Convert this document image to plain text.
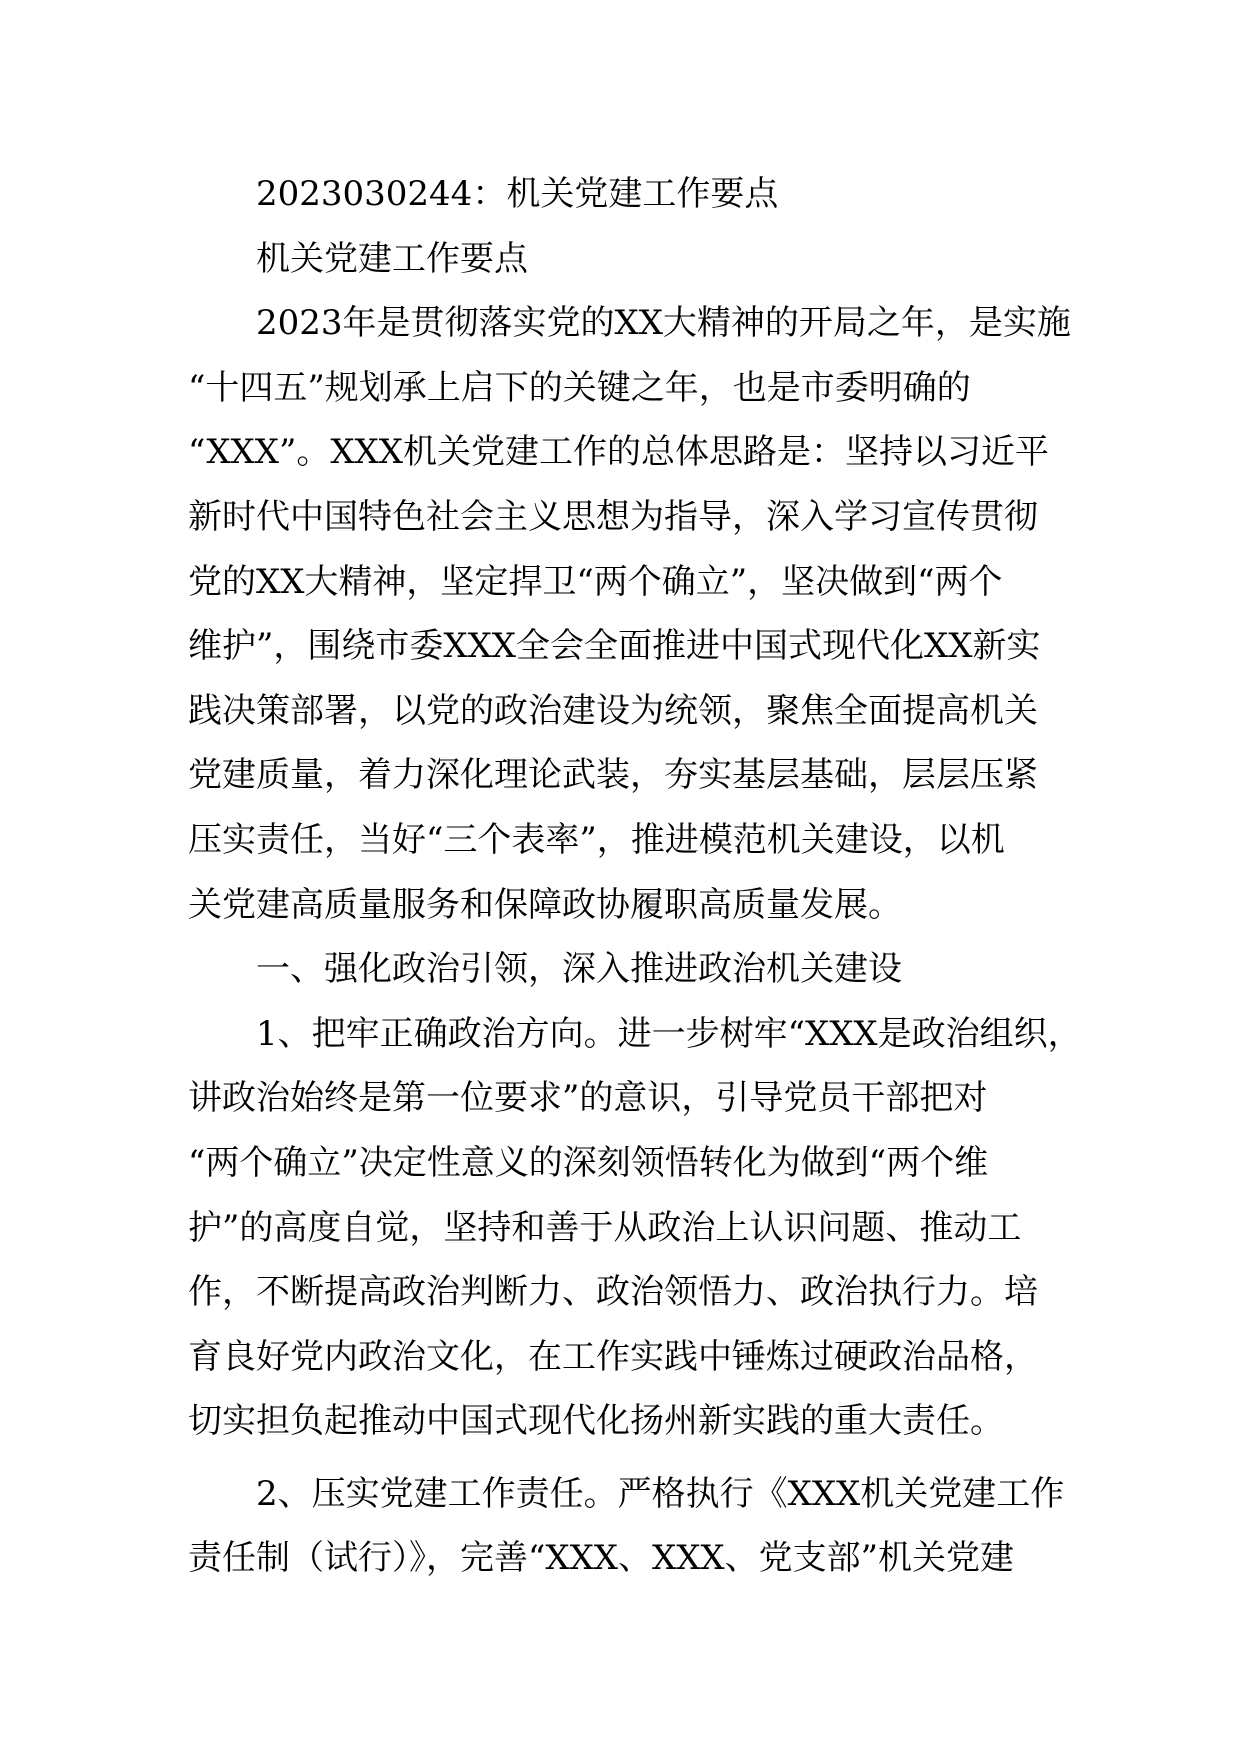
2023030244：机关党建工作要点

机关党建工作要点

　　2023年是贯彻落实党的XX大精神的开局之年，是实施

“十四五”规划承上启下的关键之年，也是市委明确的

“XXX”。XXX机关党建工作的总体思路是：坚持以习近平

新时代中国特色社会主义思想为指导，深入学习宣传贯彻

党的XX大精神，坚定捍卫“两个确立”，坚决做到“两个

维护”，围绕市委XXX全会全面推进中国式现代化XX新实

践决策部署，以党的政治建设为统领，聚焦全面提高机关

党建质量，着力深化理论武装，夯实基层基础，层层压紧

压实责任，当好“三个表率”，推进模范机关建设，以机

关党建高质量服务和保障政协履职高质量发展。

一、强化政治引领，深入推进政治机关建设

　　1、把牢正确政治方向。进一步树牢“XXX是政治组织，

讲政治始终是第一位要求”的意识，引导党员干部把对

“两个确立”决定性意义的深刻领悟转化为做到“两个维

护”的高度自觉，坚持和善于从政治上认识问题、推动工

作，不断提高政治判断力、政治领悟力、政治执行力。培

育良好党内政治文化，在工作实践中锤炼过硬政治品格，

切实担负起推动中国式现代化扬州新实践的重大责任。

　　2、压实党建工作责任。严格执行《XXX机关党建工作

责任制（试行）》，完善“XXX、XXX、党支部”机关党建
